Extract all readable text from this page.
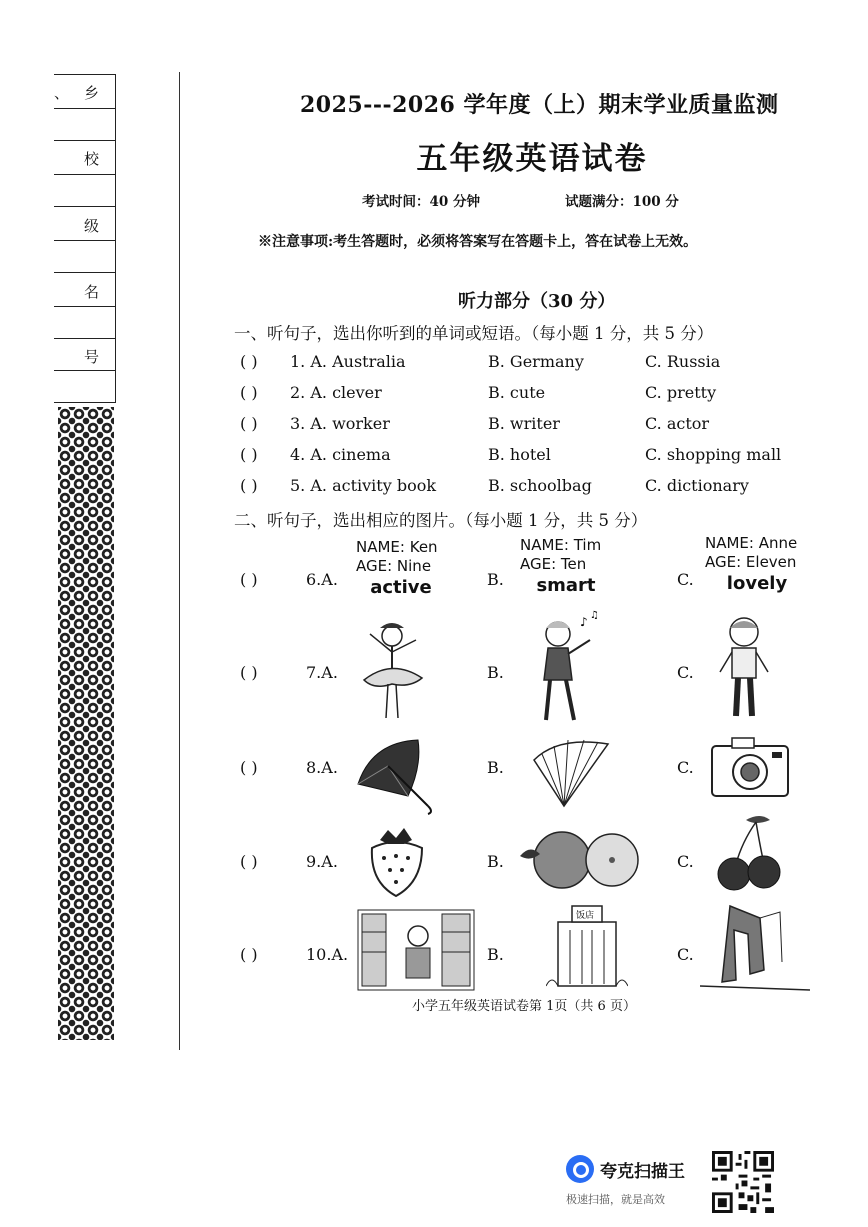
、 乡
校
级
名
号
2025---2026 学年度（上）期末学业质量监测
五年级英语试卷
考试时间：40 分钟	试题满分：100 分
※注意事项:考生答题时，必须将答案写在答题卡上，答在试卷上无效。
听力部分（30 分）
一、听句子，选出你听到的单词或短语。（每小题 1 分，共 5 分）
( ) 1. A. Australia	B. Germany	C. Russia
( ) 2. A. clever	B. cute	C. pretty
( ) 3. A. worker	B. writer	C. actor
( ) 4. A. cinema	B. hotel	C. shopping mall
( ) 5. A. activity book	B. schoolbag	C. dictionary
二、听句子，选出相应的图片。（每小题 1 分，共 5 分）
( )	6.A.	B.	C.
( )	7.A.	B.	C.
( )	8.A.	B.	C.
( )	9.A.	B.	C.
( )	10.A.	B.	C.
NAME: Ken
AGE: Nine
active
NAME: Tim
AGE: Ten
smart
NAME: Anne
AGE: Eleven
lovely
♪ ♫
饭店
小学五年级英语试卷第 1页（共 6 页）
夸克扫描王
极速扫描，就是高效
